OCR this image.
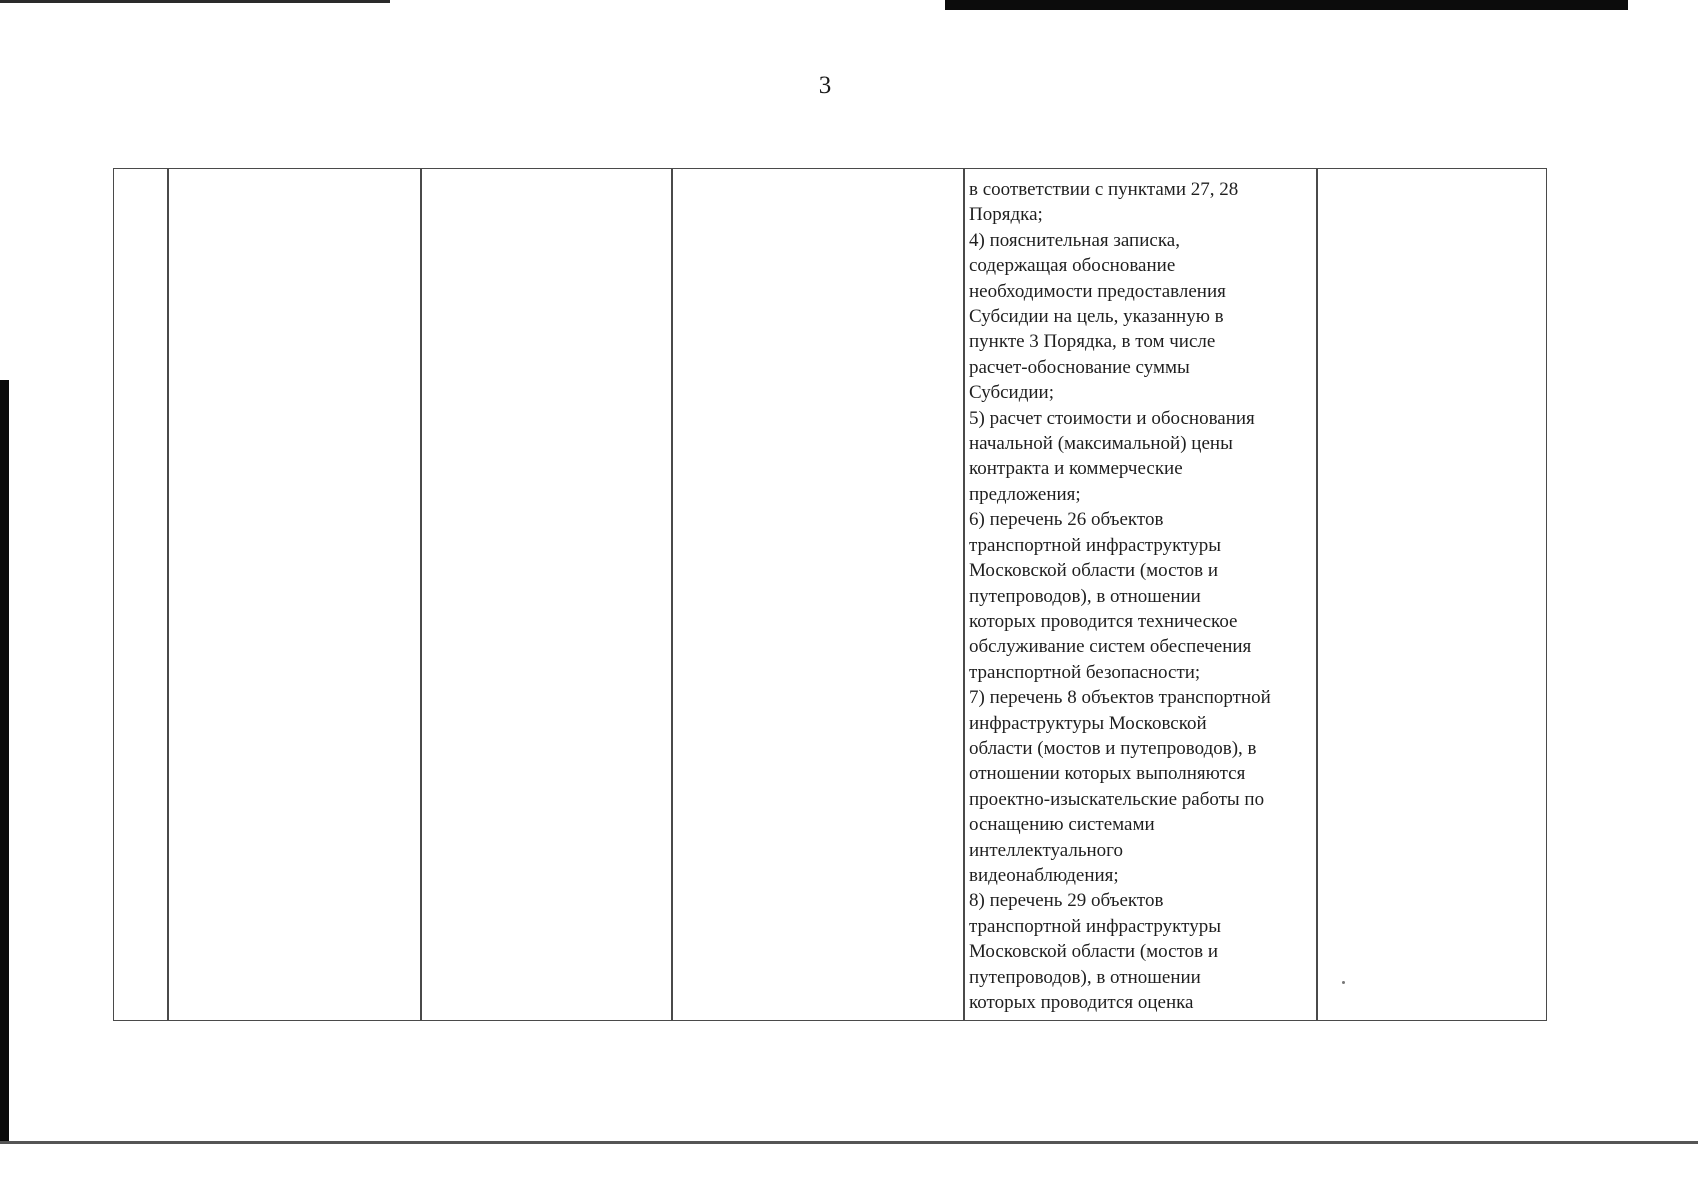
3
в соответствии с пунктами 27, 28
Порядка;
4) пояснительная записка,
содержащая обоснование
необходимости предоставления
Субсидии на цель, указанную в
пункте 3 Порядка, в том числе
расчет-обоснование суммы
Субсидии;
5) расчет стоимости и обоснования
начальной (максимальной) цены
контракта и коммерческие
предложения;
6) перечень 26 объектов
транспортной инфраструктуры
Московской области (мостов и
путепроводов), в отношении
которых проводится техническое
обслуживание систем обеспечения
транспортной безопасности;
7) перечень 8 объектов транспортной
инфраструктуры Московской
области (мостов и путепроводов), в
отношении которых выполняются
проектно-изыскательские работы по
оснащению системами
интеллектуального
видеонаблюдения;
8) перечень 29 объектов
транспортной инфраструктуры
Московской области (мостов и
путепроводов), в отношении
которых проводится оценка
